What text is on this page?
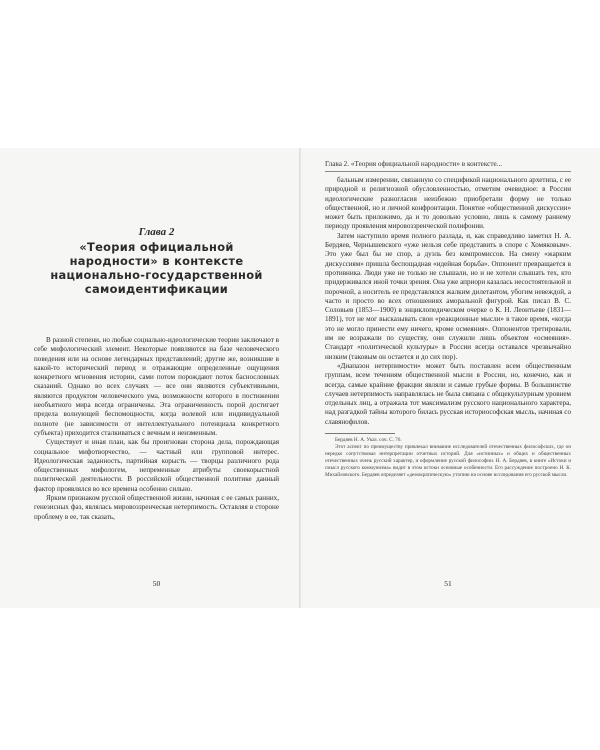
Глава 2
«Теория официальной
народности» в контексте
национально-государственной
самоидентификации

В разной степени, но любые социально-идеологические теории заключают в себе мифологический элемент. Некоторые появляются на базе человеческого поведения или на основе легендарных представлений; другие же, возникшие в какой-то исторический период и отражающие определенные ощущения конкретного мгновения истории, сами потом порождают поток баснословных сказаний. Однако во всех случаях — все они являются субъективными, являются продуктом человеческого ума, возможности которого в постижении необъятного мира всегда ограничены. Эта ограниченность порой достигает предела волнующей беспомощности, когда волевой или индивидуальной полноте (не зависимости от интеллектуального потенциала конкретного субъекта) приходится сталкиваться с вечным и неизменным.

Существует и иная план, как бы проигнован сторона дела, порождающая социальное мифотворчество, — частный или групповой интерес. Идеологическая заданность, партийная корысть — творцы различного рода общественных мифологем, непременные атрибуты своекорыстной политической деятельности. В российской общественной политике данный фактор проявлялся во все времена особенно сильно.

Ярким признаком русской общественной жизни, начиная с ее самых ранних, генезисных фаз, являлась мировоззренческая нетерпимость. Оставляя в стороне проблему в ее, так сказать,

50
Глава 2. «Теория официальной народности» в контексте...

бальным измерении, связанную со спецификой национального архетипа, с ее природной и религиозной обусловленностью, отметим очевидное: в России идеологические разногласия неизбежно приобретали форму не только общественной, но и личной конфронтации. Понятие «общественной дискуссии» может быть приложимо, да и то довольно условно, лишь к самому раннему периоду проявления мировоззренческой полифонии.

Затем наступило время полного разлада, и, как справедливо заметил Н. А. Бердяев, Чернышевского «уже нельзя себе представить в споре с Хомяковым». Это уже был бы не спор, а дуэль без компромиссов. На смену «жарким дискуссиям» пришла беспощадная «идейная борьба». Оппонент превращается в противника. Люди уже не только не слышали, но и не хотели слышать тех, кто придерживался иной точки зрения. Она уже априори казалась несостоятельной и порочной, а носитель ее представлялся жалким дилетантом, убогим невеждой, а часто и просто во всех отношениях аморальной фигурой. Как писал В. С. Соловьев (1853—1900) в энциклопедическом очерке о К. Н. Леонтьеве (1831—1891), тот не мог высказывать свои «реакционные мысли» в такое время, «когда это не могло принести ему ничего, кроме осмеяния». Оппонентов третировали, им не возражали по существу, они служили лишь объектом «осмеяния». Стандарт «политической культуры» в России всегда оставался чрезвычайно низким (таковым он остается и до сих пор).

«Диапазон нетерпимости» может быть поставлен всем общественным группам, всем течениям общественной мысли в России, но, конечно, как и всегда, самые крайние фракции являли и самые грубые формы. В большинстве случаев нетерпимость направлялась не была связана с общекультурным уровнем отдельных лиц, а отражала тот максимализм русского национального характера, над разгадкой тайны которого билась русская историософская мысль, начиная со славянофилов.

Бердяев Н. А. Указ. соч. С. 76.

Этот аспект по преимуществу привлекал внимание исследователей отечественных философских, где он нередко сопутствовал интерпретации отчетных историй. Для «истинных» и общих и общественных отечественных очень русский характер, и оформление русской философии. Н. А. Бердяев, в книге «Истоки и смысл русского коммунизма» видит в этом истоки основные особенности. Его рассуждение построено Н. К. Михайловского. Бердяев определяет «демократическую» утопию на основе исследования его русской мысли.

51
